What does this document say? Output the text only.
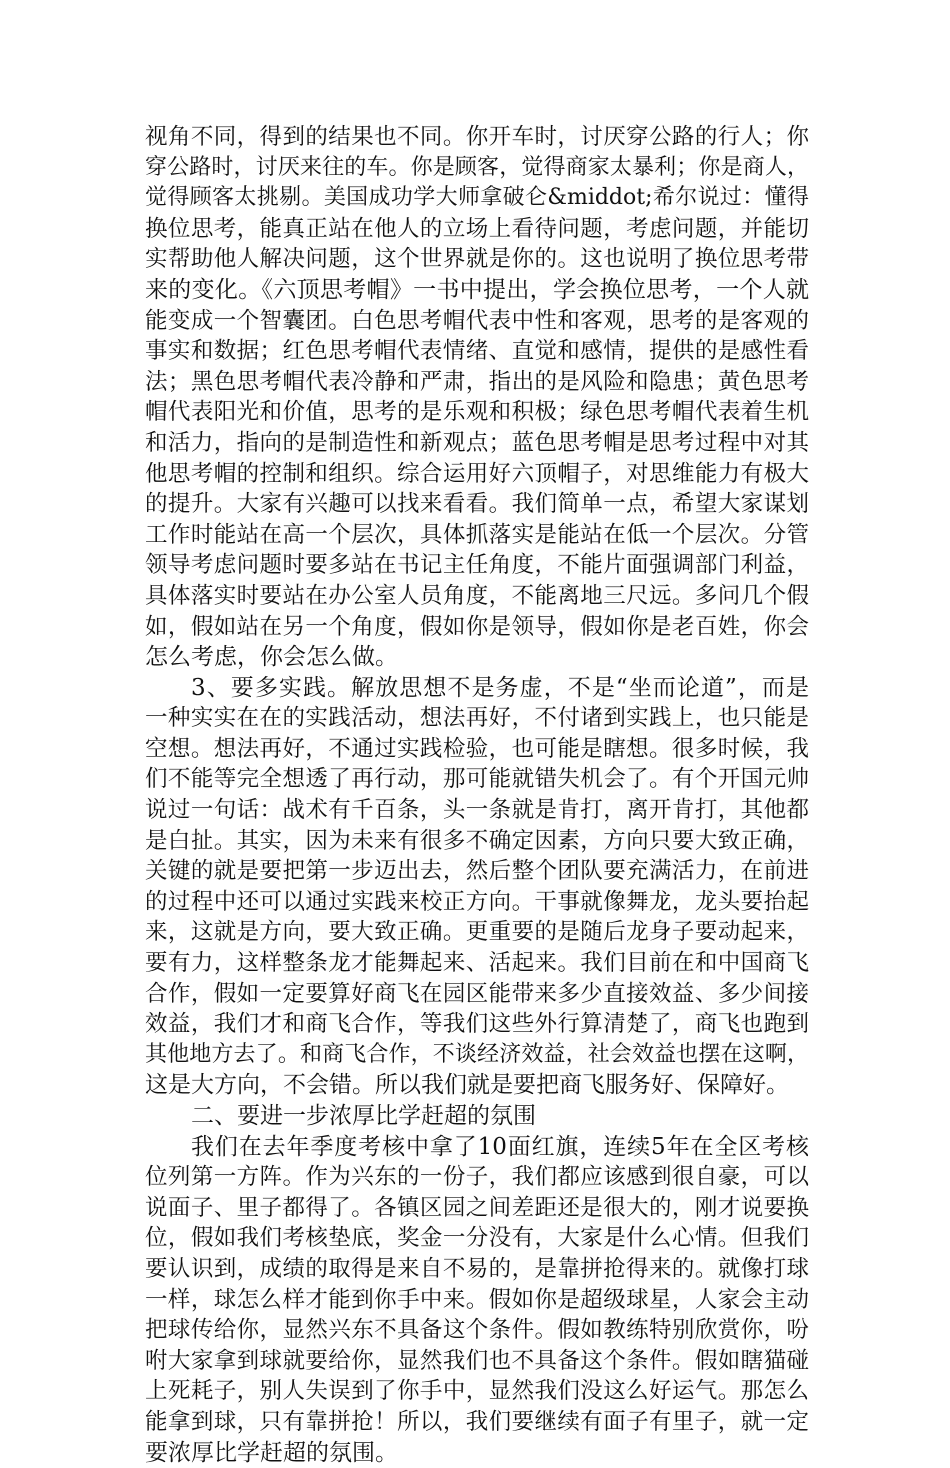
视角不同，得到的结果也不同。你开车时，讨厌穿公路的行人；你
穿公路时，讨厌来往的车。你是顾客，觉得商家太暴利；你是商人，
觉得顾客太挑剔。美国成功学大师拿破仑&middot;希尔说过：懂得
换位思考，能真正站在他人的立场上看待问题，考虑问题，并能切
实帮助他人解决问题，这个世界就是你的。这也说明了换位思考带
来的变化。《六顶思考帽》一书中提出，学会换位思考，一个人就
能变成一个智囊团。白色思考帽代表中性和客观，思考的是客观的
事实和数据；红色思考帽代表情绪、直觉和感情，提供的是感性看
法；黑色思考帽代表冷静和严肃，指出的是风险和隐患；黄色思考
帽代表阳光和价值，思考的是乐观和积极；绿色思考帽代表着生机
和活力，指向的是制造性和新观点；蓝色思考帽是思考过程中对其
他思考帽的控制和组织。综合运用好六顶帽子，对思维能力有极大
的提升。大家有兴趣可以找来看看。我们简单一点，希望大家谋划
工作时能站在高一个层次，具体抓落实是能站在低一个层次。分管
领导考虑问题时要多站在书记主任角度，不能片面强调部门利益，
具体落实时要站在办公室人员角度，不能离地三尺远。多问几个假
如，假如站在另一个角度，假如你是领导，假如你是老百姓，你会
怎么考虑，你会怎么做。
3、要多实践。解放思想不是务虚，不是“坐而论道”，而是
一种实实在在的实践活动，想法再好，不付诸到实践上，也只能是
空想。想法再好，不通过实践检验，也可能是瞎想。很多时候，我
们不能等完全想透了再行动，那可能就错失机会了。有个开国元帅
说过一句话：战术有千百条，头一条就是肯打，离开肯打，其他都
是白扯。其实，因为未来有很多不确定因素，方向只要大致正确，
关键的就是要把第一步迈出去，然后整个团队要充满活力，在前进
的过程中还可以通过实践来校正方向。干事就像舞龙，龙头要抬起
来，这就是方向，要大致正确。更重要的是随后龙身子要动起来，
要有力，这样整条龙才能舞起来、活起来。我们目前在和中国商飞
合作，假如一定要算好商飞在园区能带来多少直接效益、多少间接
效益，我们才和商飞合作，等我们这些外行算清楚了，商飞也跑到
其他地方去了。和商飞合作，不谈经济效益，社会效益也摆在这啊，
这是大方向，不会错。所以我们就是要把商飞服务好、保障好。
二、要进一步浓厚比学赶超的氛围
我们在去年季度考核中拿了10面红旗，连续5年在全区考核
位列第一方阵。作为兴东的一份子，我们都应该感到很自豪，可以
说面子、里子都得了。各镇区园之间差距还是很大的，刚才说要换
位，假如我们考核垫底，奖金一分没有，大家是什么心情。但我们
要认识到，成绩的取得是来自不易的，是靠拼抢得来的。就像打球
一样，球怎么样才能到你手中来。假如你是超级球星，人家会主动
把球传给你，显然兴东不具备这个条件。假如教练特别欣赏你，吩
咐大家拿到球就要给你，显然我们也不具备这个条件。假如瞎猫碰
上死耗子，别人失误到了你手中，显然我们没这么好运气。那怎么
能拿到球，只有靠拼抢！所以，我们要继续有面子有里子，就一定
要浓厚比学赶超的氛围。
